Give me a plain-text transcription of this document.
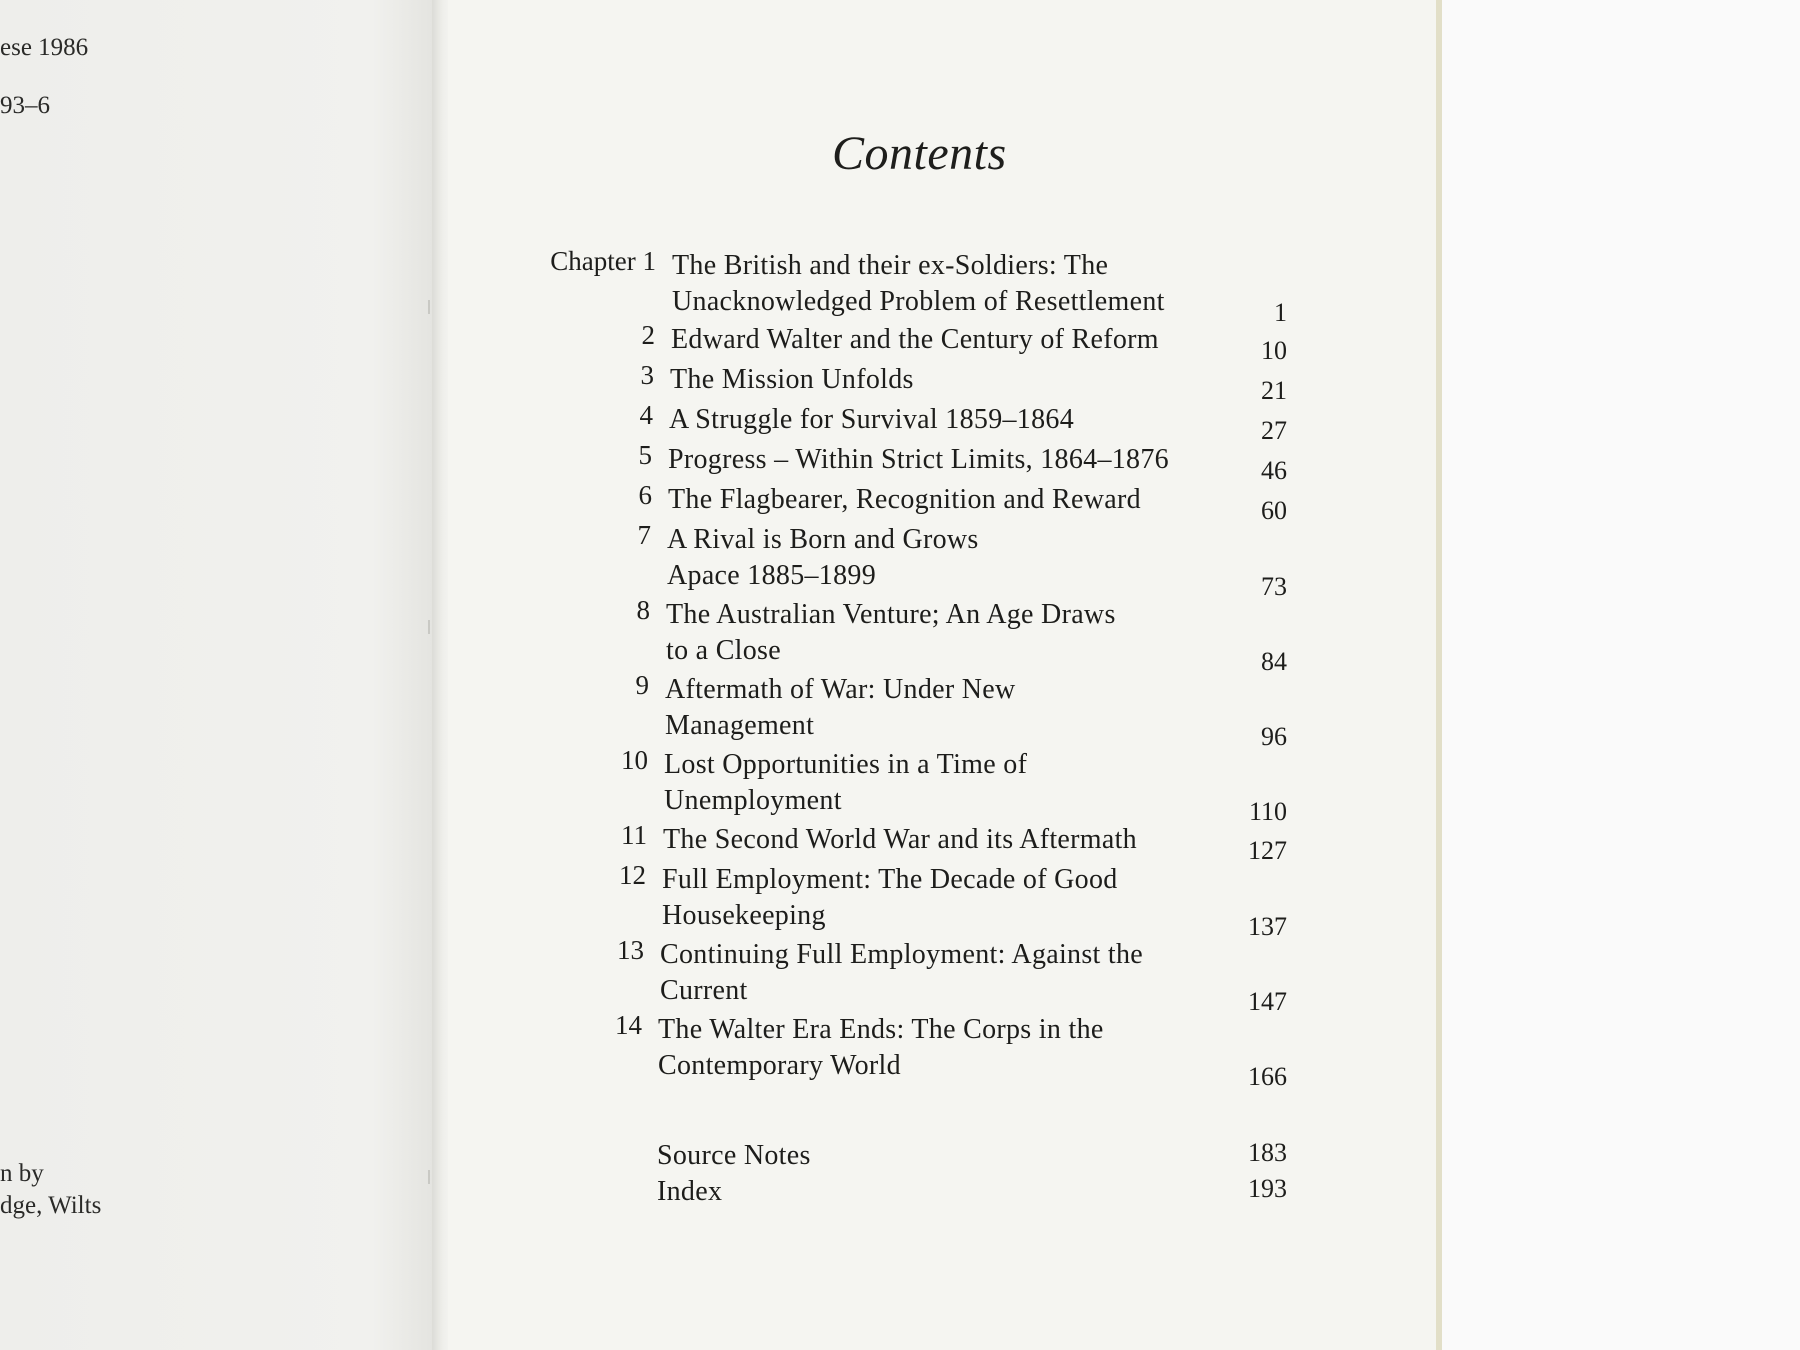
ese 1986
93–6
n by
dge, Wilts
Contents
Chapter 1 The British and their ex-Soldiers: The
Unacknowledged Problem of Resettlement	1
2 Edward Walter and the Century of Reform	10
3 The Mission Unfolds	21
4 A Struggle for Survival 1859–1864	27
5 Progress – Within Strict Limits, 1864–1876	46
6 The Flagbearer, Recognition and Reward	60
7 A Rival is Born and Grows
Apace 1885–1899	73
8 The Australian Venture; An Age Draws
to a Close	84
9 Aftermath of War: Under New
Management	96
10 Lost Opportunities in a Time of
Unemployment	110
11 The Second World War and its Aftermath	127
12 Full Employment: The Decade of Good
Housekeeping	137
13 Continuing Full Employment: Against the
Current	147
14 The Walter Era Ends: The Corps in the
Contemporary World	166
Source Notes	183
Index	193
